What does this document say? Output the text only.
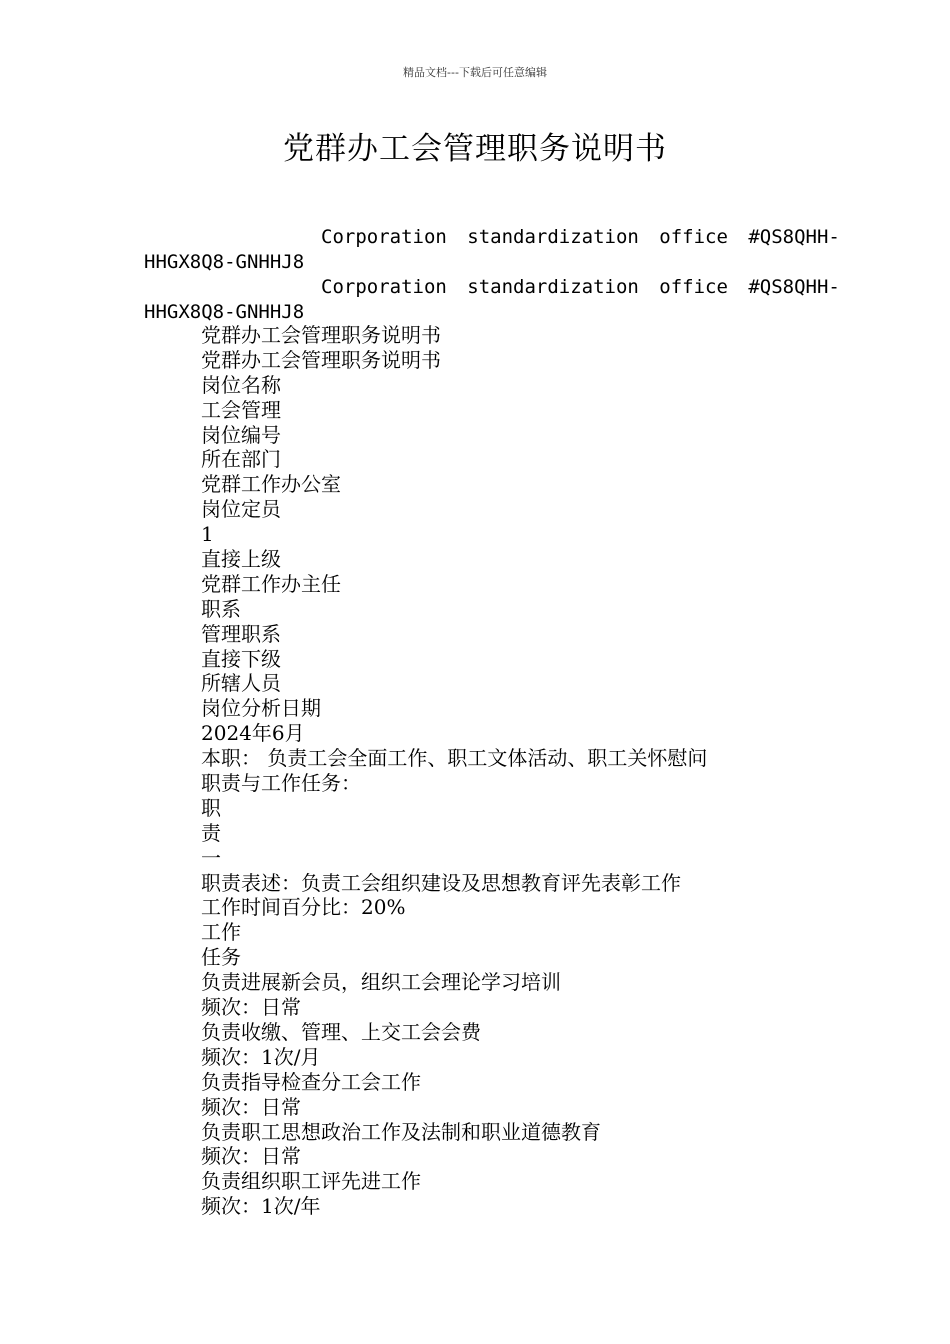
精品文档---下载后可任意编辑
党群办工会管理职务说明书
Corporation standardization office #QS8QHH-
HHGX8Q8-GNHHJ8
Corporation standardization office #QS8QHH-
HHGX8Q8-GNHHJ8
党群办工会管理职务说明书
党群办工会管理职务说明书
岗位名称
工会管理
岗位编号
所在部门
党群工作办公室
岗位定员
1
直接上级
党群工作办主任
职系
管理职系
直接下级
所辖人员
岗位分析日期
2024年6月
本职： 负责工会全面工作、职工文体活动、职工关怀慰问
职责与工作任务：
职
责
一
职责表述：负责工会组织建设及思想教育评先表彰工作
工作时间百分比：20%
工作
任务
负责进展新会员，组织工会理论学习培训
频次：日常
负责收缴、管理、上交工会会费
频次：1次/月
负责指导检查分工会工作
频次：日常
负责职工思想政治工作及法制和职业道德教育
频次：日常
负责组织职工评先进工作
频次：1次/年
